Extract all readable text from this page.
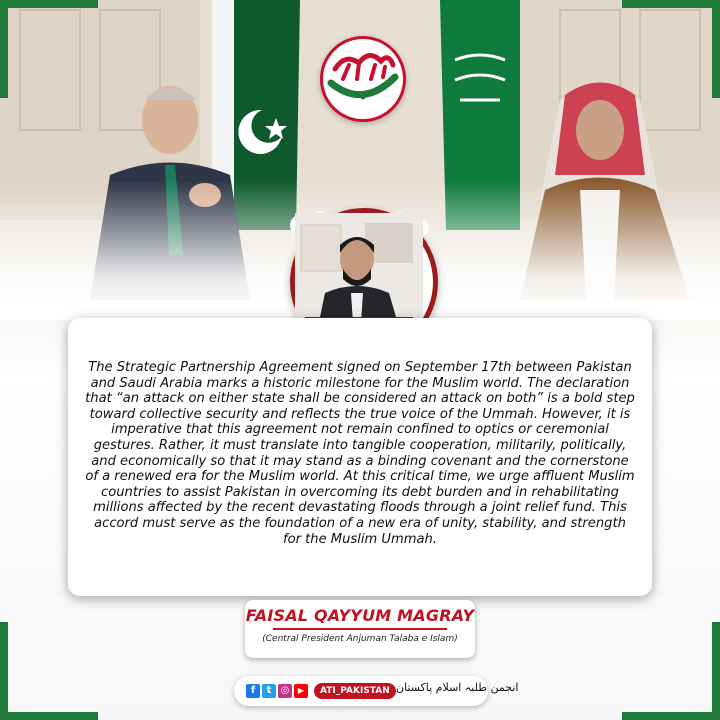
The Strategic Partnership Agreement signed on September 17th between Pakistan and Saudi Arabia marks a historic milestone for the Muslim world. The declaration that “an attack on either state shall be considered an attack on both” is a bold step toward collective security and reflects the true voice of the Ummah. However, it is imperative that this agreement not remain confined to optics or ceremonial gestures. Rather, it must translate into tangible cooperation, militarily, politically, and economically so that it may stand as a binding covenant and the cornerstone of a renewed era for the Muslim world. At this critical time, we urge affluent Muslim countries to assist Pakistan in overcoming its debt burden and in rehabilitating millions affected by the recent devastating floods through a joint relief fund. This accord must serve as the foundation of a new era of unity, stability, and strength for the Muslim Ummah.

FAISAL QAYYUM MAGRAY
(Central President Anjuman Talaba e Islam)
f	t ◎	▶	ATI_PAKISTAN انجمن طلبہ اسلام پاکستان
